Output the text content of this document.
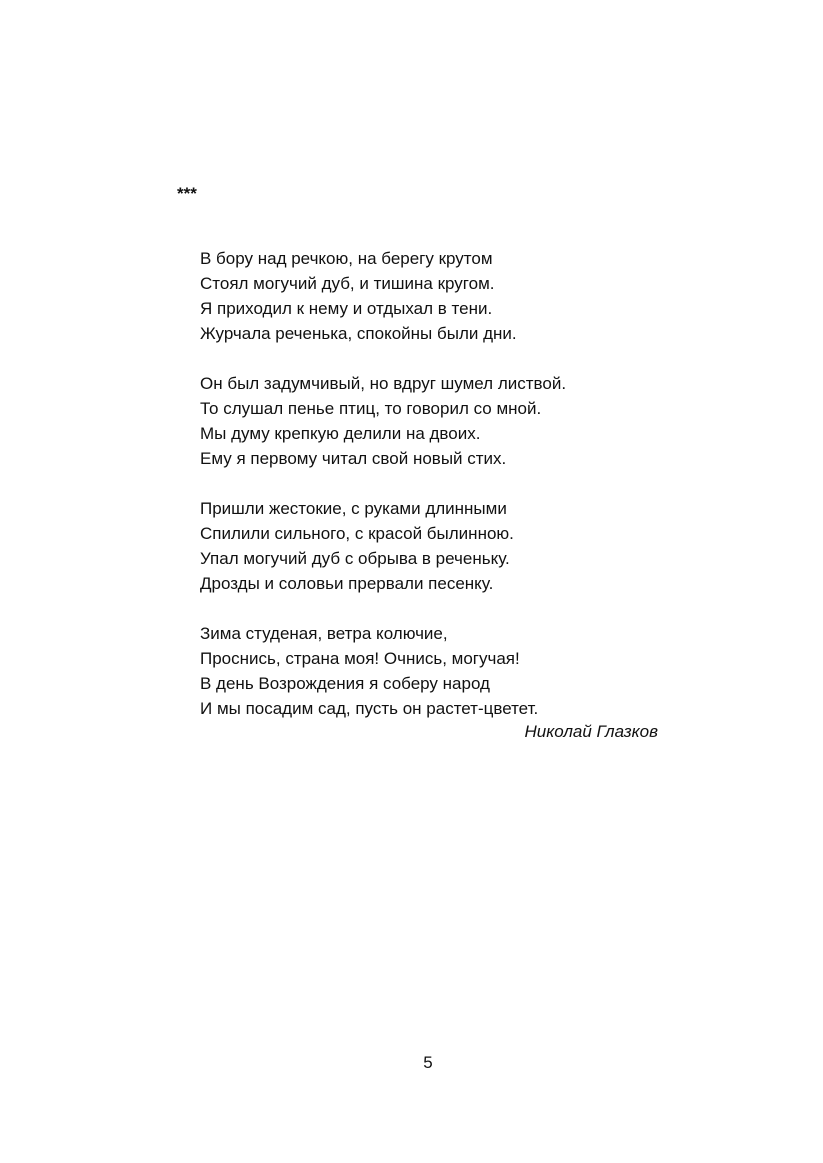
***
В бору над речкою, на берегу крутом
Стоял могучий дуб, и тишина кругом.
Я приходил к нему и отдыхал в тени.
Журчала реченька, спокойны были дни.
Он был задумчивый, но вдруг шумел листвой.
То слушал пенье птиц, то говорил со мной.
Мы думу крепкую делили на двоих.
Ему я первому читал свой новый стих.
Пришли жестокие, с руками длинными
Спилили сильного, с красой былинною.
Упал могучий дуб с обрыва в реченьку.
Дрозды и соловьи прервали песенку.
Зима студеная, ветра колючие,
Проснись, страна моя! Очнись, могучая!
В день Возрождения я соберу народ
И мы посадим сад, пусть он растет-цветет.
Николай Глазков
5
